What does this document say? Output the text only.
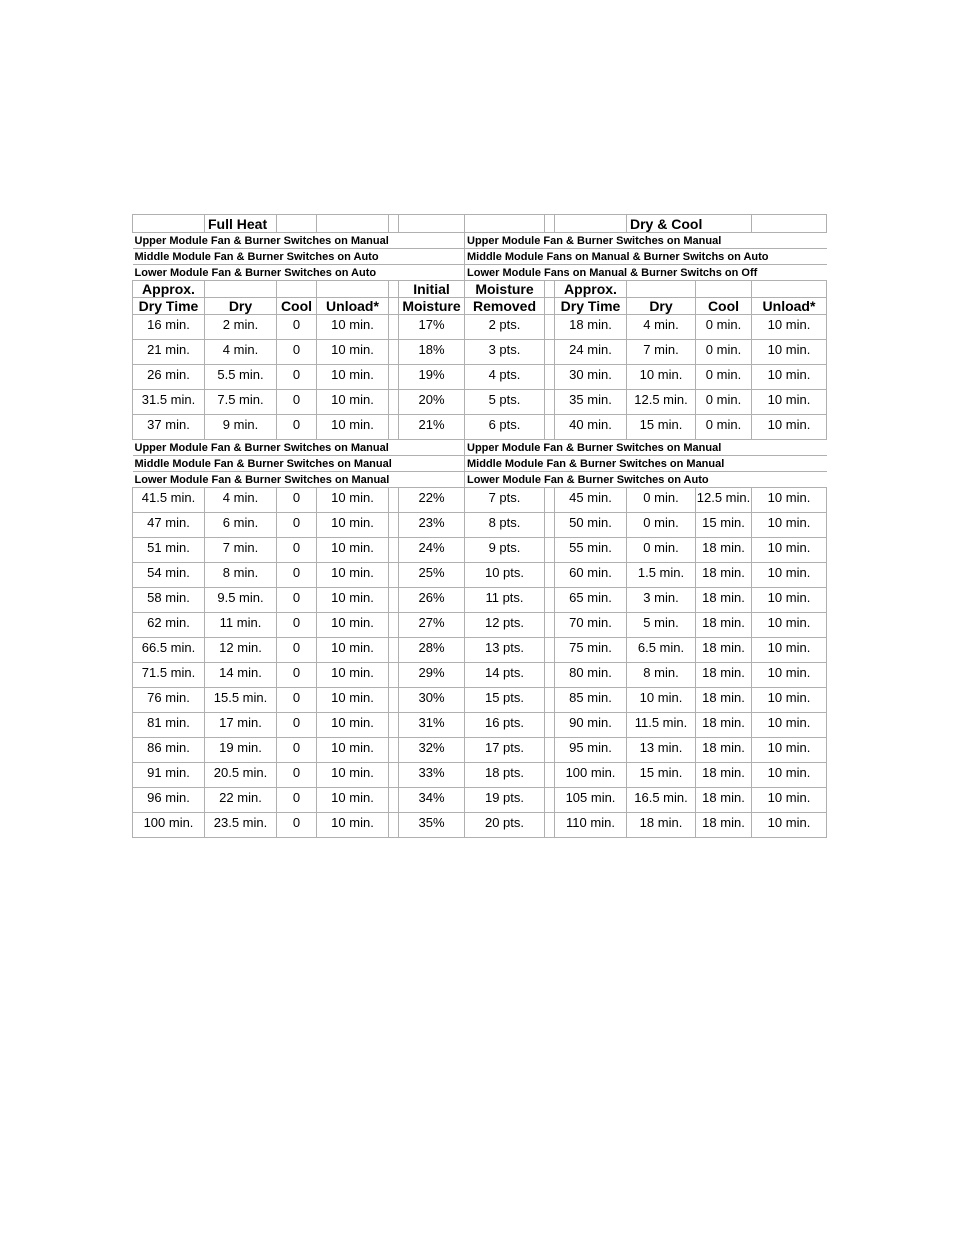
	Full Heat								Dry & Cool		
Upper Module Fan & Burner Switches on Manual						Upper Module Fan & Burner Switches on Manual					
Middle Module Fan & Burner Switches on Auto						Middle Module Fans on Manual & Burner Switchs on Auto					
Lower Module Fan & Burner Switches on Auto						Lower Module Fans on Manual & Burner Switchs on Off					
Approx.					Initial	Moisture		Approx.			
Dry Time	Dry	Cool	Unload*		Moisture	Removed		Dry Time	Dry	Cool	Unload*
16 min.	2 min.	0	10 min.		17%	2 pts.		18 min.	4 min.	0 min.	10 min.

21 min.	4 min.	0	10 min.		18%	3 pts.		24 min.	7 min.	0 min.	10 min.

26 min.	5.5 min.	0	10 min.		19%	4 pts.		30 min.	10 min.	0 min.	10 min.

31.5 min.	7.5 min.	0	10 min.		20%	5 pts.		35 min.	12.5 min.	0 min.	10 min.

37 min.	9 min.	0	10 min.		21%	6 pts.		40 min.	15 min.	0 min.	10 min.

Upper Module Fan & Burner Switches on Manual						Upper Module Fan & Burner Switches on Manual					
Middle Module Fan & Burner Switches on Manual						Middle Module Fan & Burner Switches on Manual					
Lower Module Fan & Burner Switches on Manual						Lower Module Fan & Burner Switches on Auto					
41.5 min.	4 min.	0	10 min.		22%	7 pts.		45 min.	0 min.	12.5 min.	10 min.

47 min.	6 min.	0	10 min.		23%	8 pts.		50 min.	0 min.	15 min.	10 min.

51 min.	7 min.	0	10 min.		24%	9 pts.		55 min.	0 min.	18 min.	10 min.

54 min.	8 min.	0	10 min.		25%	10 pts.		60 min.	1.5 min.	18 min.	10 min.

58 min.	9.5 min.	0	10 min.		26%	11 pts.		65 min.	3 min.	18 min.	10 min.

62 min.	11 min.	0	10 min.		27%	12 pts.		70 min.	5 min.	18 min.	10 min.

66.5 min.	12 min.	0	10 min.		28%	13 pts.		75 min.	6.5 min.	18 min.	10 min.

71.5 min.	14 min.	0	10 min.		29%	14 pts.		80 min.	8 min.	18 min.	10 min.

76 min.	15.5 min.	0	10 min.		30%	15 pts.		85 min.	10 min.	18 min.	10 min.

81 min.	17 min.	0	10 min.		31%	16 pts.		90 min.	11.5 min.	18 min.	10 min.

86 min.	19 min.	0	10 min.		32%	17 pts.		95 min.	13 min.	18 min.	10 min.

91 min.	20.5 min.	0	10 min.		33%	18 pts.		100 min.	15 min.	18 min.	10 min.

96 min.	22 min.	0	10 min.		34%	19 pts.		105 min.	16.5 min.	18 min.	10 min.

100 min.	23.5 min.	0	10 min.		35%	20 pts.		110 min.	18 min.	18 min.	10 min.
